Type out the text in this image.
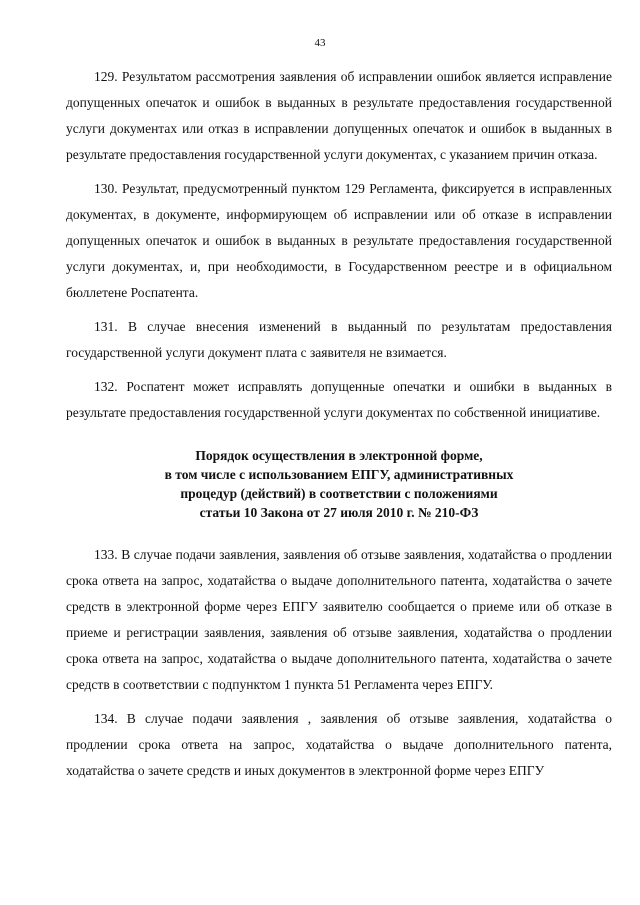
43

129. Результатом рассмотрения заявления об исправлении ошибок является исправление допущенных опечаток и ошибок в выданных в результате предоставления государственной услуги документах или отказ в исправлении допущенных опечаток и ошибок в выданных в результате предоставления государственной услуги документах, с указанием причин отказа.

130. Результат, предусмотренный пунктом 129 Регламента, фиксируется в исправленных документах, в документе, информирующем об исправлении или об отказе в исправлении допущенных опечаток и ошибок в выданных в результате предоставления государственной услуги документах, и, при необходимости, в Государственном реестре и в официальном бюллетене Роспатента.

131. В случае внесения изменений в выданный по результатам предоставления государственной услуги документ плата с заявителя не взимается.

132. Роспатент может исправлять допущенные опечатки и ошибки в выданных в результате предоставления государственной услуги документах по собственной инициативе.

Порядок осуществления в электронной форме,
в том числе с использованием ЕПГУ, административных
процедур (действий) в соответствии с положениями
статьи 10 Закона от 27 июля 2010 г. № 210-ФЗ

133. В случае подачи заявления, заявления об отзыве заявления, ходатайства о продлении срока ответа на запрос, ходатайства о выдаче дополнительного патента, ходатайства о зачете средств в электронной форме через ЕПГУ заявителю сообщается о приеме или об отказе в приеме и регистрации заявления, заявления об отзыве заявления, ходатайства о продлении срока ответа на запрос, ходатайства о выдаче дополнительного патента, ходатайства о зачете средств в соответствии с подпунктом 1 пункта 51 Регламента через ЕПГУ.

134. В случае подачи заявления , заявления об отзыве заявления, ходатайства о продлении срока ответа на запрос, ходатайства о выдаче дополнительного патента, ходатайства о зачете средств и иных документов в электронной форме через ЕПГУ
